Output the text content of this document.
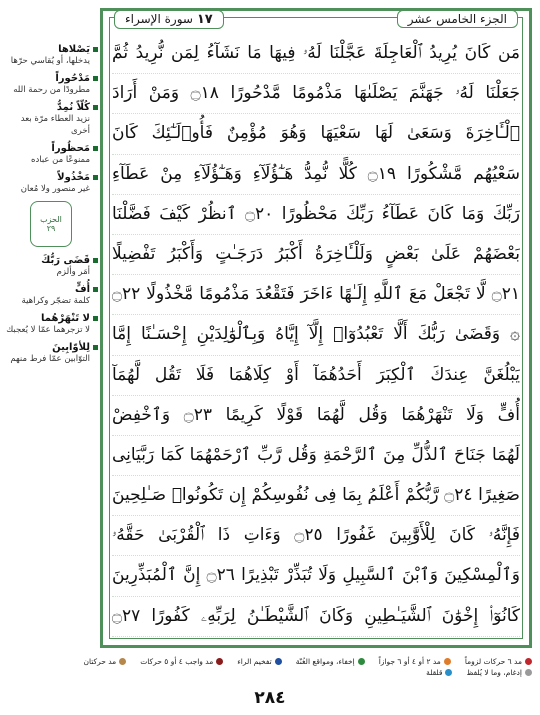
١٧ سورة الإسراء	الجزء الخامس عشر
مَن كَانَ يُرِيدُ ٱلْعَاجِلَةَ عَجَّلْنَا لَهُۥ فِيهَا مَا نَشَآءُ لِمَن نُّرِيدُ ثُمَّ
جَعَلْنَا لَهُۥ جَهَنَّمَ يَصْلَىٰهَا مَذْمُومًا مَّدْحُورًا ۝١٨ وَمَنْ أَرَادَ
ٱلْـَٔاخِرَةَ وَسَعَىٰ لَهَا سَعْيَهَا وَهُوَ مُؤْمِنٌ فَأُو۟لَـٰٓئِكَ كَانَ
سَعْيُهُم مَّشْكُورًا ۝١٩ كُلًّا نُّمِدُّ هَـٰٓؤُلَآءِ وَهَـٰٓؤُلَآءِ مِنْ عَطَآءِ
رَبِّكَ وَمَا كَانَ عَطَآءُ رَبِّكَ مَحْظُورًا ۝٢٠ ٱنظُرْ كَيْفَ فَضَّلْنَا
بَعْضَهُمْ عَلَىٰ بَعْضٍ وَلَلْـَٔاخِرَةُ أَكْبَرُ دَرَجَـٰتٍ وَأَكْبَرُ تَفْضِيلًا
۝٢١ لَّا تَجْعَلْ مَعَ ٱللَّهِ إِلَـٰهًا ءَاخَرَ فَتَقْعُدَ مَذْمُومًا مَّخْذُولًا ۝٢٢
۞ وَقَضَىٰ رَبُّكَ أَلَّا تَعْبُدُوٓا۟ إِلَّآ إِيَّاهُ وَبِٱلْوَٰلِدَيْنِ إِحْسَـٰنًا إِمَّا
يَبْلُغَنَّ عِندَكَ ٱلْكِبَرَ أَحَدُهُمَآ أَوْ كِلَاهُمَا فَلَا تَقُل لَّهُمَآ
أُفٍّ وَلَا تَنْهَرْهُمَا وَقُل لَّهُمَا قَوْلًا كَرِيمًا ۝٢٣ وَٱخْفِضْ
لَهُمَا جَنَاحَ ٱلذُّلِّ مِنَ ٱلرَّحْمَةِ وَقُل رَّبِّ ٱرْحَمْهُمَا كَمَا رَبَّيَانِى
صَغِيرًا ۝٢٤ رَّبُّكُمْ أَعْلَمُ بِمَا فِى نُفُوسِكُمْ إِن تَكُونُوا۟ صَـٰلِحِينَ
فَإِنَّهُۥ كَانَ لِلْأَوَّٰبِينَ غَفُورًا ۝٢٥ وَءَاتِ ذَا ٱلْقُرْبَىٰ حَقَّهُۥ
وَٱلْمِسْكِينَ وَٱبْنَ ٱلسَّبِيلِ وَلَا تُبَذِّرْ تَبْذِيرًا ۝٢٦ إِنَّ ٱلْمُبَذِّرِينَ
كَانُوٓا۟ إِخْوَٰنَ ٱلشَّيَـٰطِينِ وَكَانَ ٱلشَّيْطَـٰنُ لِرَبِّهِۦ كَفُورًا ۝٢٧
يَصْلاها
يدخلها، أو يُقاسي حرّها
مَدْحُوراً
مطرودًا من رحمة الله
كُلّاً نُمِدُّ
نزيد العطاء مرّة بعد أخرى
مَحظُوراً
ممنوعًا من عباده
مَخْذُولاً
غير منصور ولا مُعان
الحزب
٢٩
قَضَى رَبُّكَ
أمَر وألزم
أُفٍّ
كلمة تضجّر وكراهية
لا تَنْهَرْهُما
لا تزجرهما عمّا لا يُعجبك
لِلأوّابِينَ
التوّابين عمّا فرط منهم
مد ٦ حركات لزوماً
مد ٢ أو ٤ أو ٦ جوازاً
إخفاء، ومواقع الغُنّة
تفخيم الراء
مد واجب ٤ أو ٥ حركات
مد حركتان
إدغام، وما لا يُلفظ
قلقلة
٢٨٤
